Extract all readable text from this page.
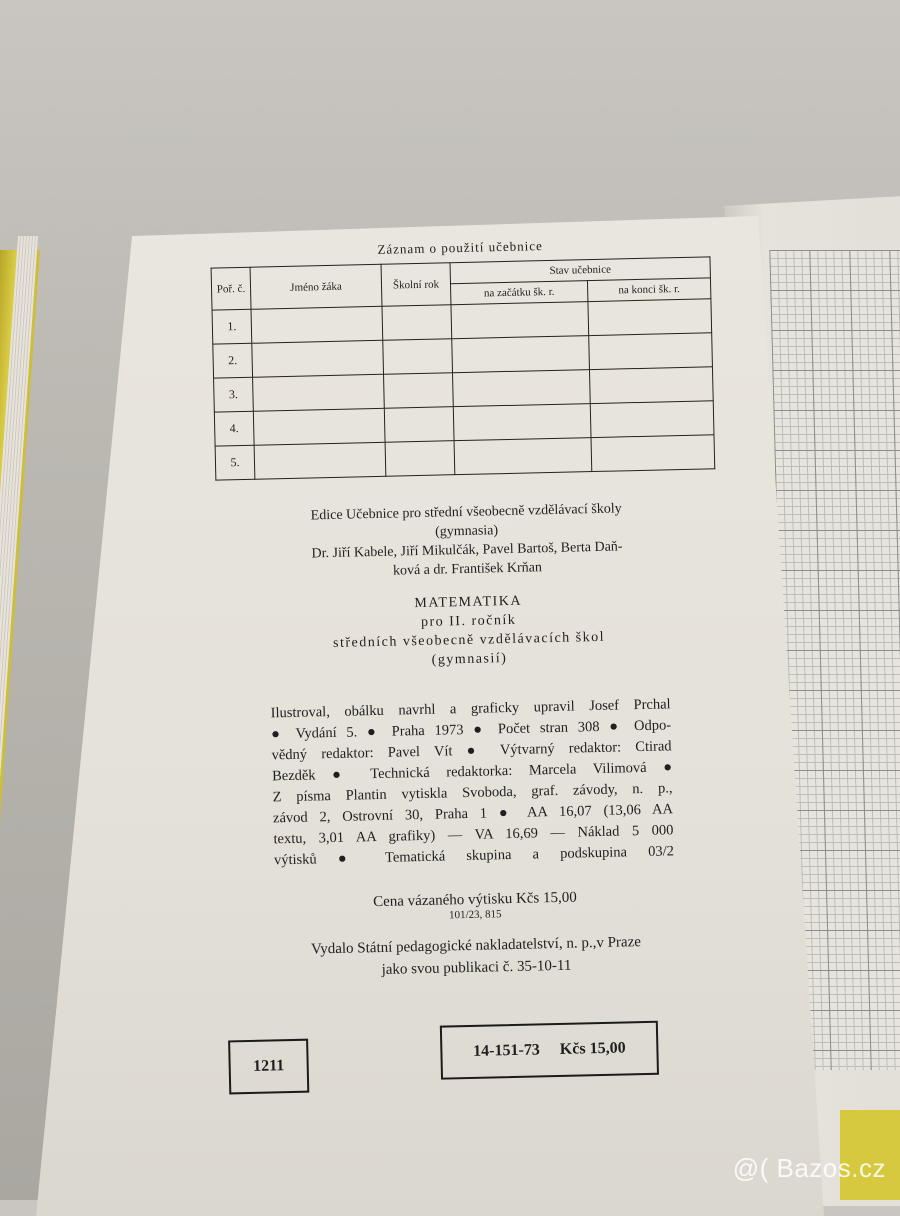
Záznam o použití učebnice
Poř. č.	Jméno žáka	Školní rok	Stav učebnice	
			na začátku šk. r.	na konci šk. r.
1.				
2.				
3.				
4.				
5.				
Edice Učebnice pro střední všeobecně vzdělávací školy
(gymnasia)
Dr. Jiří Kabele, Jiří Mikulčák, Pavel Bartoš, Berta Daň-
ková a dr. František Krňan
MATEMATIKA
pro II. ročník
středních všeobecně vzdělávacích škol
(gymnasií)
Ilustroval, obálku navrhl a graficky upravil Josef Prchal
● Vydání 5. ● Praha 1973 ● Počet stran 308 ● Odpo-
vědný redaktor: Pavel Vít ● Výtvarný redaktor: Ctirad
Bezděk ● Technická redaktorka: Marcela Vilimová ●
Z písma Plantin vytiskla Svoboda, graf. závody, n. p.,
závod 2, Ostrovní 30, Praha 1 ● AA 16,07 (13,06 AA
textu, 3,01 AA grafiky) — VA 16,69 — Náklad 5 000
výtisků ● Tematická skupina a podskupina 03/2
Cena vázaného výtisku Kčs 15,00
101/23, 815
Vydalo Státní pedagogické nakladatelství, n. p.,v Praze
jako svou publikaci č. 35-10-11
1211
14-151-73 Kčs 15,00
@( Bazos.cz
